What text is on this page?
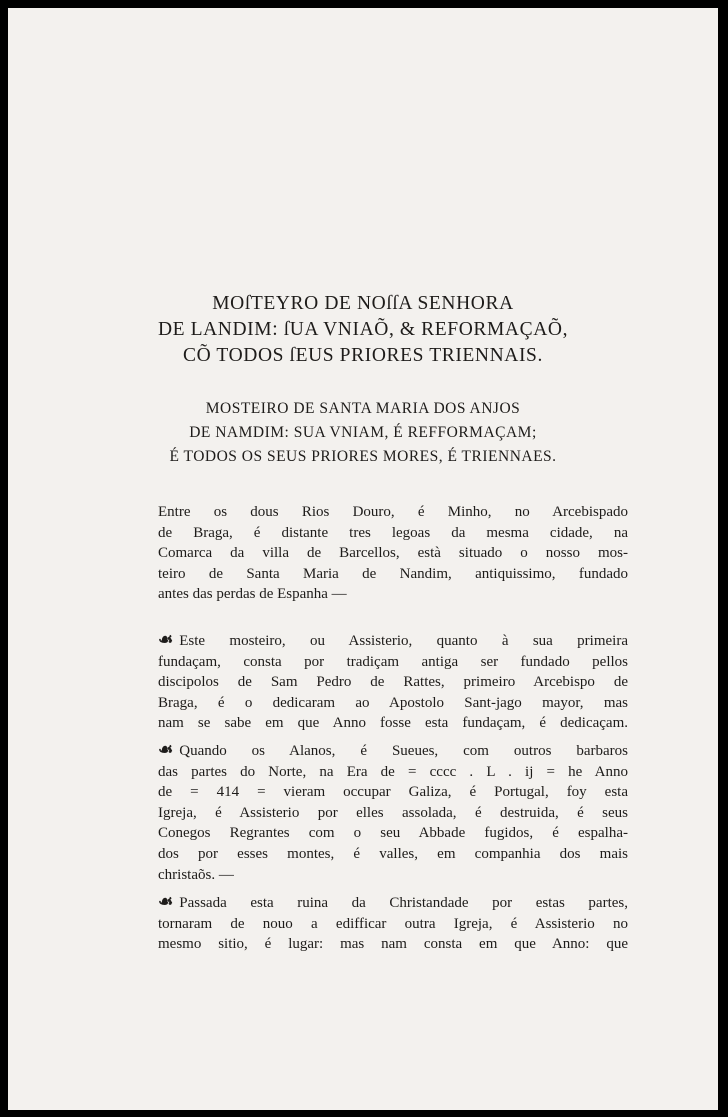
MOſTEYRO DE NOſſA SENHORA
DE LANDIM: ſUA VNIAÕ, & REFORMAÇAÕ,
CÕ TODOS ſEUS PRIORES TRIENNAIS.
MOSTEIRO DE SANTA MARIA DOS ANJOS
DE NAMDIM: SUA VNIAM, É REFFORMAÇAM;
É TODOS OS SEUS PRIORES MORES, É TRIENNAES.
Entre os dous Rios Douro, é Minho, no Arcebispado
de Braga, é distante tres legoas da mesma cidade, na
Comarca da villa de Barcellos, està situado o nosso mos-
teiro de Santa Maria de Nandim, antiquissimo, fundado
antes das perdas de Espanha —
☙ Este mosteiro, ou Assisterio, quanto à sua primeira
fundaçam, consta por tradiçam antiga ser fundado pellos
discipolos de Sam Pedro de Rattes, primeiro Arcebispo de
Braga, é o dedicaram ao Apostolo Sant-jago mayor, mas
nam se sabe em que Anno fosse esta fundaçam, é dedicaçam.
☙ Quando os Alanos, é Sueues, com outros barbaros
das partes do Norte, na Era de = cccc . L . ij = he Anno
de = 414 = vieram occupar Galiza, é Portugal, foy esta
Igreja, é Assisterio por elles assolada, é destruida, é seus
Conegos Regrantes com o seu Abbade fugidos, é espalha-
dos por esses montes, é valles, em companhia dos mais
christaõs. —
☙ Passada esta ruina da Christandade por estas partes,
tornaram de nouo a edifficar outra Igreja, é Assisterio no
mesmo sitio, é lugar: mas nam consta em que Anno: que
